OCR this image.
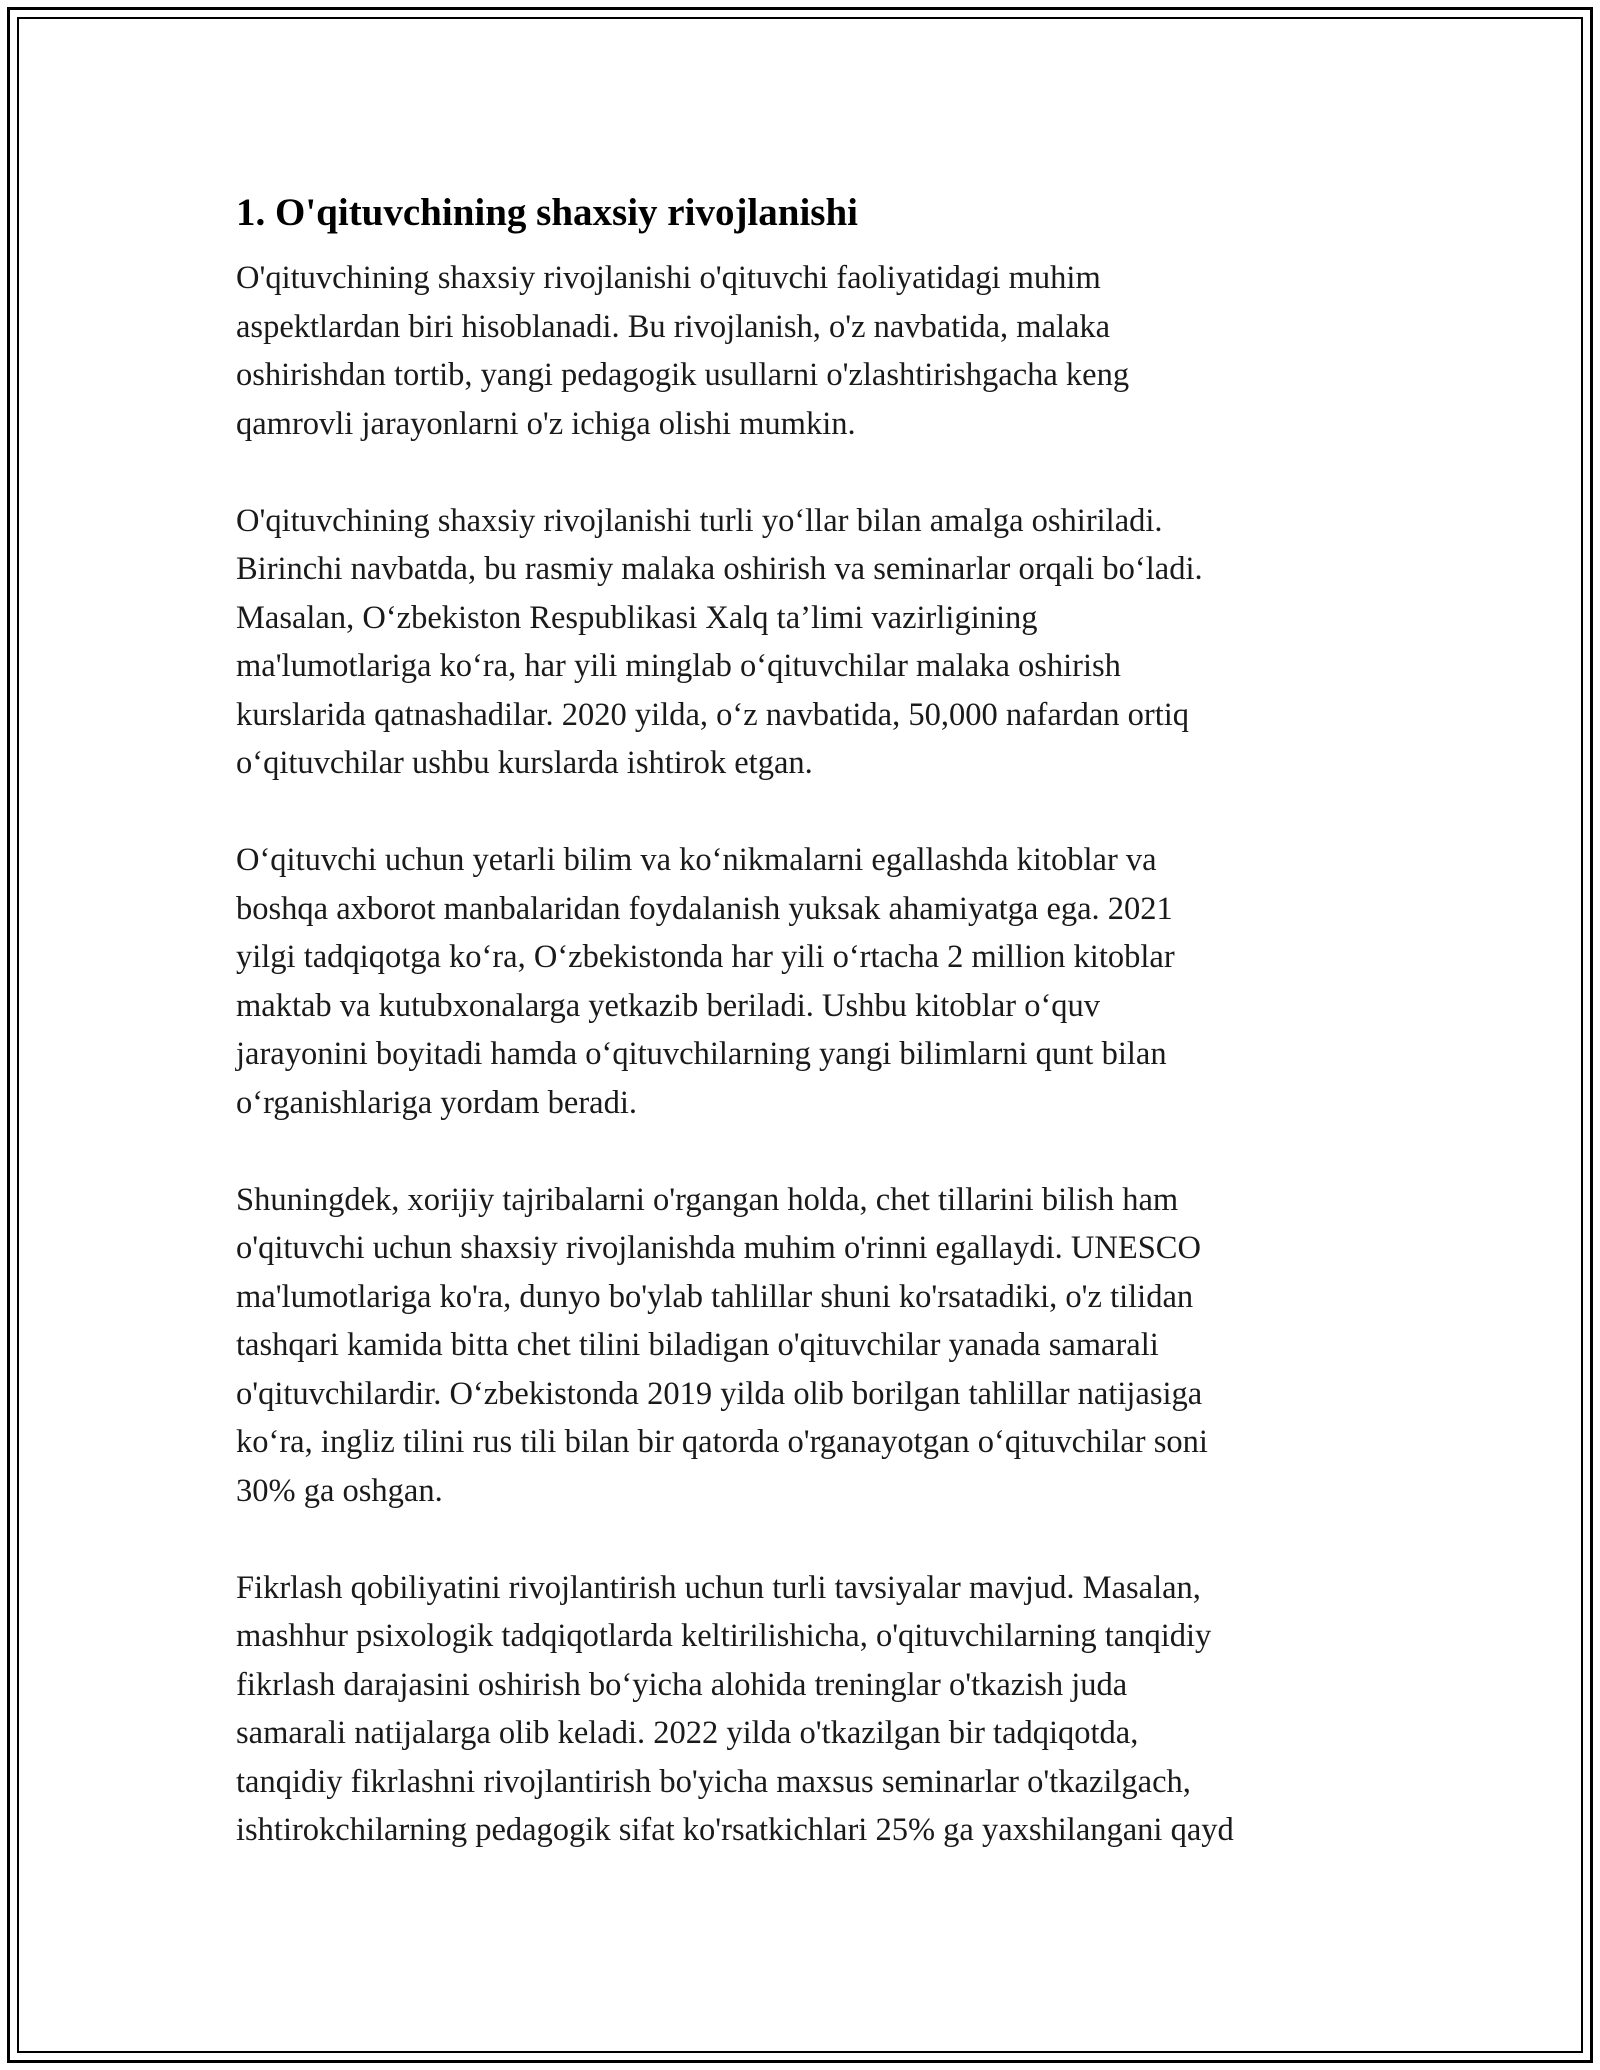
1. O'qituvchining shaxsiy rivojlanishi

O'qituvchining shaxsiy rivojlanishi o'qituvchi faoliyatidagi muhim
aspektlardan biri hisoblanadi. Bu rivojlanish, o'z navbatida, malaka
oshirishdan tortib, yangi pedagogik usullarni o'zlashtirishgacha keng
qamrovli jarayonlarni o'z ichiga olishi mumkin.

O'qituvchining shaxsiy rivojlanishi turli yo‘llar bilan amalga oshiriladi.
Birinchi navbatda, bu rasmiy malaka oshirish va seminarlar orqali bo‘ladi.
Masalan, O‘zbekiston Respublikasi Xalq ta’limi vazirligining
ma'lumotlariga ko‘ra, har yili minglab o‘qituvchilar malaka oshirish
kurslarida qatnashadilar. 2020 yilda, o‘z navbatida, 50,000 nafardan ortiq
o‘qituvchilar ushbu kurslarda ishtirok etgan.

O‘qituvchi uchun yetarli bilim va ko‘nikmalarni egallashda kitoblar va
boshqa axborot manbalaridan foydalanish yuksak ahamiyatga ega. 2021
yilgi tadqiqotga ko‘ra, O‘zbekistonda har yili o‘rtacha 2 million kitoblar
maktab va kutubxonalarga yetkazib beriladi. Ushbu kitoblar o‘quv
jarayonini boyitadi hamda o‘qituvchilarning yangi bilimlarni qunt bilan
o‘rganishlariga yordam beradi.

Shuningdek, xorijiy tajribalarni o'rgangan holda, chet tillarini bilish ham
o'qituvchi uchun shaxsiy rivojlanishda muhim o'rinni egallaydi. UNESCO
ma'lumotlariga ko'ra, dunyo bo'ylab tahlillar shuni ko'rsatadiki, o'z tilidan
tashqari kamida bitta chet tilini biladigan o'qituvchilar yanada samarali
o'qituvchilardir. O‘zbekistonda 2019 yilda olib borilgan tahlillar natijasiga
ko‘ra, ingliz tilini rus tili bilan bir qatorda o'rganayotgan o‘qituvchilar soni
30% ga oshgan.

Fikrlash qobiliyatini rivojlantirish uchun turli tavsiyalar mavjud. Masalan,
mashhur psixologik tadqiqotlarda keltirilishicha, o'qituvchilarning tanqidiy
fikrlash darajasini oshirish bo‘yicha alohida treninglar o'tkazish juda
samarali natijalarga olib keladi. 2022 yilda o'tkazilgan bir tadqiqotda,
tanqidiy fikrlashni rivojlantirish bo'yicha maxsus seminarlar o'tkazilgach,
ishtirokchilarning pedagogik sifat ko'rsatkichlari 25% ga yaxshilangani qayd
